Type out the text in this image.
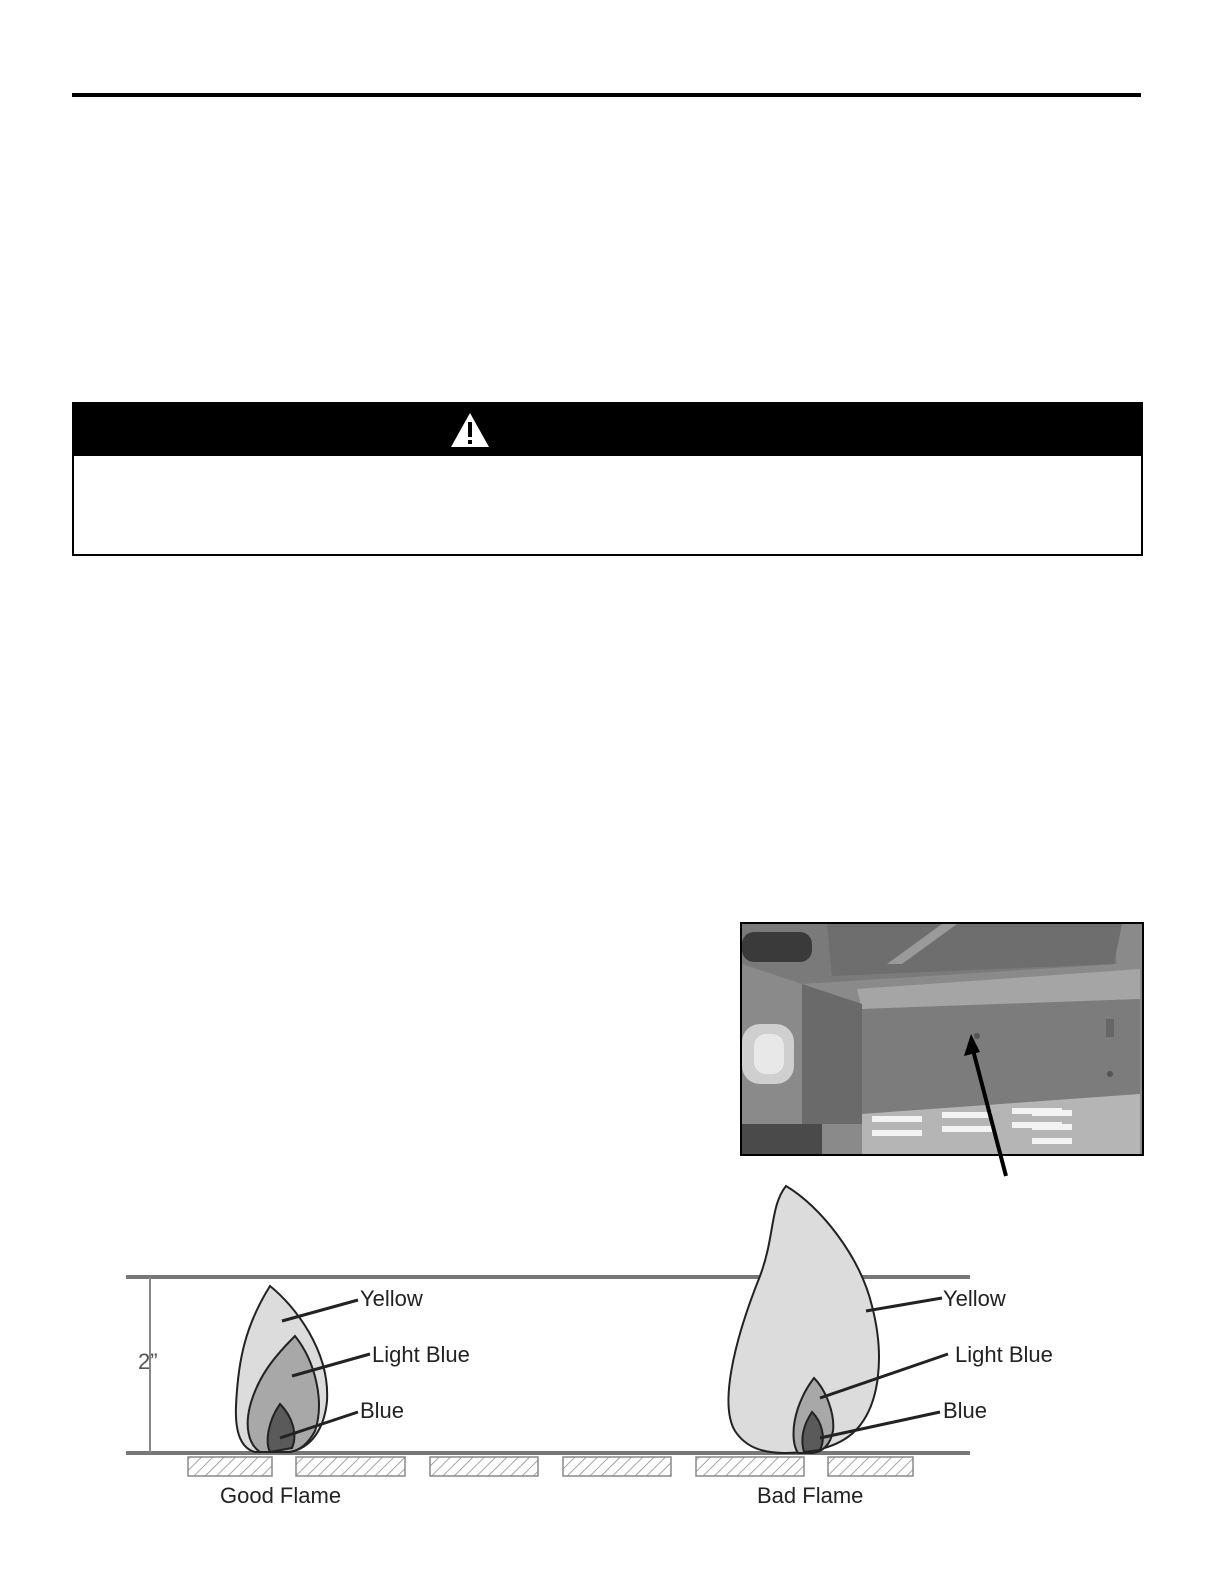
2”
Yellow
Light Blue
Blue
Good Flame
Yellow
Light Blue
Blue
Bad Flame
